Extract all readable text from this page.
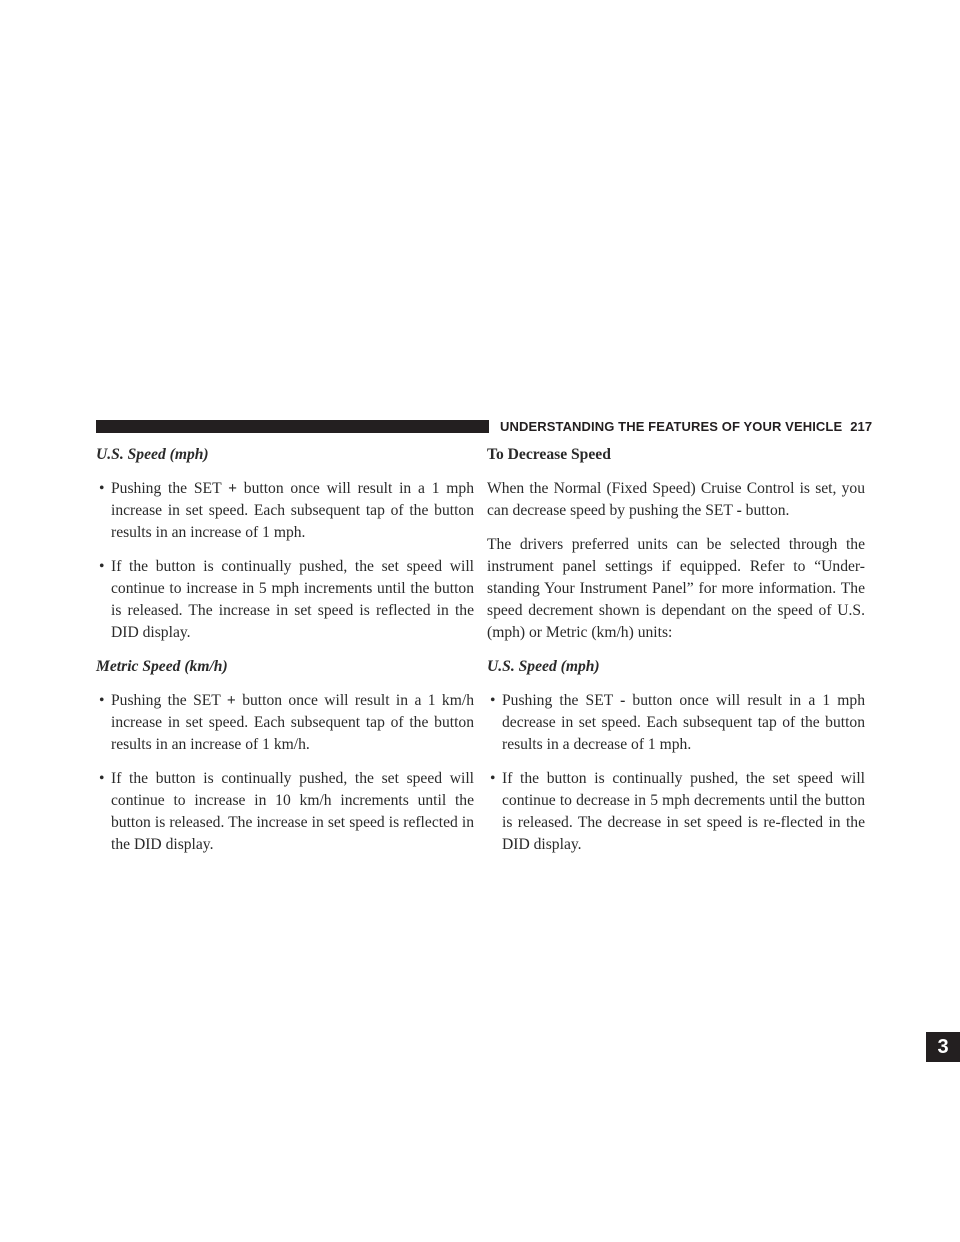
UNDERSTANDING THE FEATURES OF YOUR VEHICLE 217
3
U.S. Speed (mph)
• Pushing the SET + button once will result in a 1 mph increase in set speed. Each subsequent tap of the button results in an increase of 1 mph.
• If the button is continually pushed, the set speed will continue to increase in 5 mph increments until the button is released. The increase in set speed is reflected in the DID display.
Metric Speed (km/h)
• Pushing the SET + button once will result in a 1 km/h increase in set speed. Each subsequent tap of the button results in an increase of 1 km/h.
• If the button is continually pushed, the set speed will continue to increase in 10 km/h increments until the button is released. The increase in set speed is reflected in the DID display.
To Decrease Speed

When the Normal (Fixed Speed) Cruise Control is set, you can decrease speed by pushing the SET - button.

The drivers preferred units can be selected through the instrument panel settings if equipped. Refer to “Under-standing Your Instrument Panel” for more information. The speed decrement shown is dependant on the speed of U.S. (mph) or Metric (km/h) units:

U.S. Speed (mph)
• Pushing the SET - button once will result in a 1 mph decrease in set speed. Each subsequent tap of the button results in a decrease of 1 mph.
• If the button is continually pushed, the set speed will continue to decrease in 5 mph decrements until the button is released. The decrease in set speed is re-flected in the DID display.
